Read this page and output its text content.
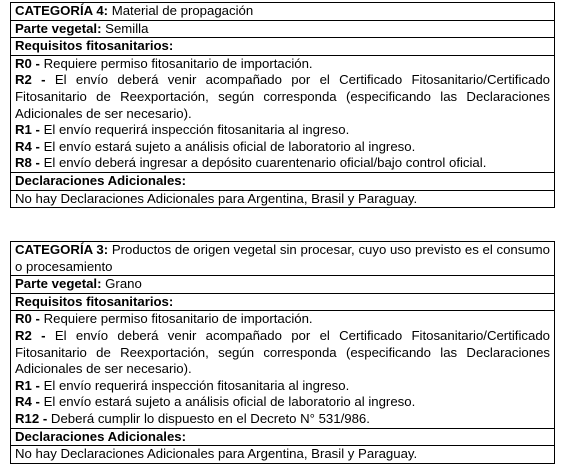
CATEGORÍA 4: Material de propagación
Parte vegetal: Semilla
Requisitos fitosanitarios:

R0 - Requiere permiso fitosanitario de importación.
R2 - El envío deberá venir acompañado por el Certificado Fitosanitario/Certificado Fitosanitario de Reexportación, según corresponda (especificando las Declaraciones Adicionales de ser necesario).
R1 - El envío requerirá inspección fitosanitaria al ingreso.
R4 - El envío estará sujeto a análisis oficial de laboratorio al ingreso.
R8 - El envío deberá ingresar a depósito cuarentenario oficial/bajo control oficial.

Declaraciones Adicionales:
No hay Declaraciones Adicionales para Argentina, Brasil y Paraguay.
CATEGORÍA 3: Productos de origen vegetal sin procesar, cuyo uso previsto es el consumo o procesamiento
Parte vegetal: Grano
Requisitos fitosanitarios:

R0 - Requiere permiso fitosanitario de importación.
R2 - El envío deberá venir acompañado por el Certificado Fitosanitario/Certificado Fitosanitario de Reexportación, según corresponda (especificando las Declaraciones Adicionales de ser necesario).
R1 - El envío requerirá inspección fitosanitaria al ingreso.
R4 - El envío estará sujeto a análisis oficial de laboratorio al ingreso.
R12 - Deberá cumplir lo dispuesto en el Decreto N° 531/986.

Declaraciones Adicionales:
No hay Declaraciones Adicionales para Argentina, Brasil y Paraguay.
